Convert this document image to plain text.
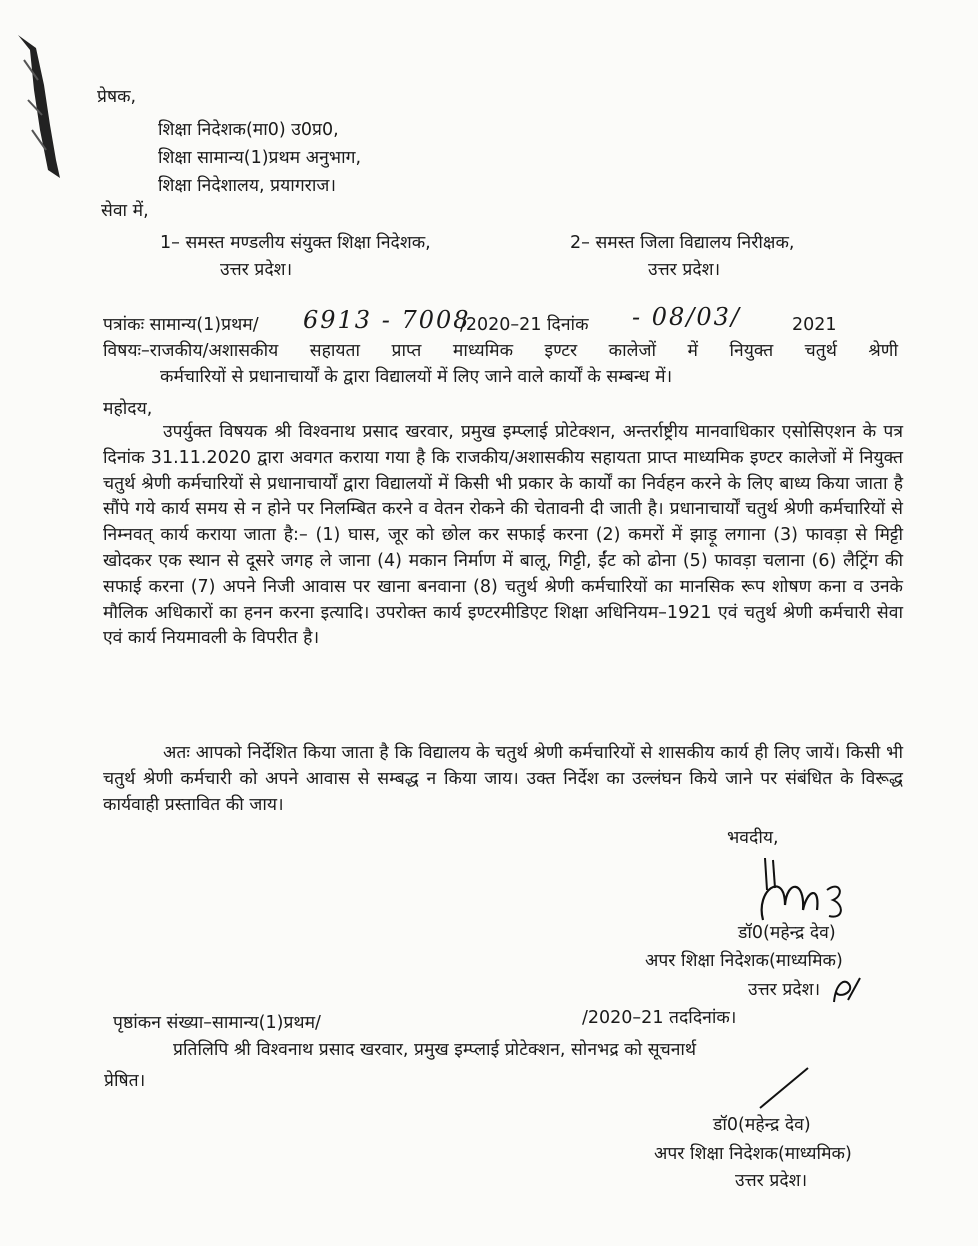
प्रेषक,
शिक्षा निदेशक(मा0) उ0प्र0,
शिक्षा सामान्य(1)प्रथम अनुभाग,
शिक्षा निदेशालय, प्रयागराज।
सेवा में,
1– समस्त मण्डलीय संयुक्त शिक्षा निदेशक,
उत्तर प्रदेश।
2– समस्त जिला विद्यालय निरीक्षक,
उत्तर प्रदेश।
पत्रांकः सामान्य(1)प्रथम/ 6913 - 7008
/2020–21 दिनांक - 08/03/	2021
विषयः–राजकीय/अशासकीय सहायता प्राप्त माध्यमिक इण्टर कालेजों में नियुक्त चतुर्थ श्रेणी
कर्मचारियों से प्रधानाचार्यों के द्वारा विद्यालयों में लिए जाने वाले कार्यों के सम्बन्ध में।
महोदय,

उपर्युक्त विषयक श्री विश्वनाथ प्रसाद खरवार, प्रमुख इम्प्लाई प्रोटेक्शन, अन्तर्राष्ट्रीय मानवाधिकार एसोसिएशन के पत्र दिनांक 31.11.2020 द्वारा अवगत कराया गया है कि राजकीय/अशासकीय सहायता प्राप्त माध्यमिक इण्टर कालेजों में नियुक्त चतुर्थ श्रेणी कर्मचारियों से प्रधानाचार्यों द्वारा विद्यालयों में किसी भी प्रकार के कार्यों का निर्वहन करने के लिए बाध्य किया जाता है सौंपे गये कार्य समय से न होने पर निलम्बित करने व वेतन रोकने की चेतावनी दी जाती है। प्रधानाचार्यों चतुर्थ श्रेणी कर्मचारियों से निम्नवत् कार्य कराया जाता है:– (1) घास, जूर को छोल कर सफाई करना (2) कमरों में झाड़ू लगाना (3) फावड़ा से मिट्टी खोदकर एक स्थान से दूसरे जगह ले जाना (4) मकान निर्माण में बालू, गिट्टी, ईंट को ढोना (5) फावड़ा चलाना (6) लैट्रिंग की सफाई करना (7) अपने निजी आवास पर खाना बनवाना (8) चतुर्थ श्रेणी कर्मचारियों का मानसिक रूप शोषण कना व उनके मौलिक अधिकारों का हनन करना इत्यादि। उपरोक्त कार्य इण्टरमीडिएट शिक्षा अधिनियम–1921 एवं चतुर्थ श्रेणी कर्मचारी सेवा एवं कार्य नियमावली के विपरीत है।

अतः आपको निर्देशित किया जाता है कि विद्यालय के चतुर्थ श्रेणी कर्मचारियों से शासकीय कार्य ही लिए जायें। किसी भी चतुर्थ श्रेणी कर्मचारी को अपने आवास से सम्बद्ध न किया जाय। उक्त निर्देश का उल्लंघन किये जाने पर संबंधित के विरूद्ध कार्यवाही प्रस्तावित की जाय।

भवदीय,
डॉ0(महेन्द्र देव)
अपर शिक्षा निदेशक(माध्यमिक)
उत्तर प्रदेश।
पृष्ठांकन संख्या–सामान्य(1)प्रथम/	/2020–21 तददिनांक।
प्रतिलिपि श्री विश्वनाथ प्रसाद खरवार, प्रमुख इम्प्लाई प्रोटेक्शन, सोनभद्र को सूचनार्थ
प्रेषित।
डॉ0(महेन्द्र देव)
अपर शिक्षा निदेशक(माध्यमिक)
उत्तर प्रदेश।
